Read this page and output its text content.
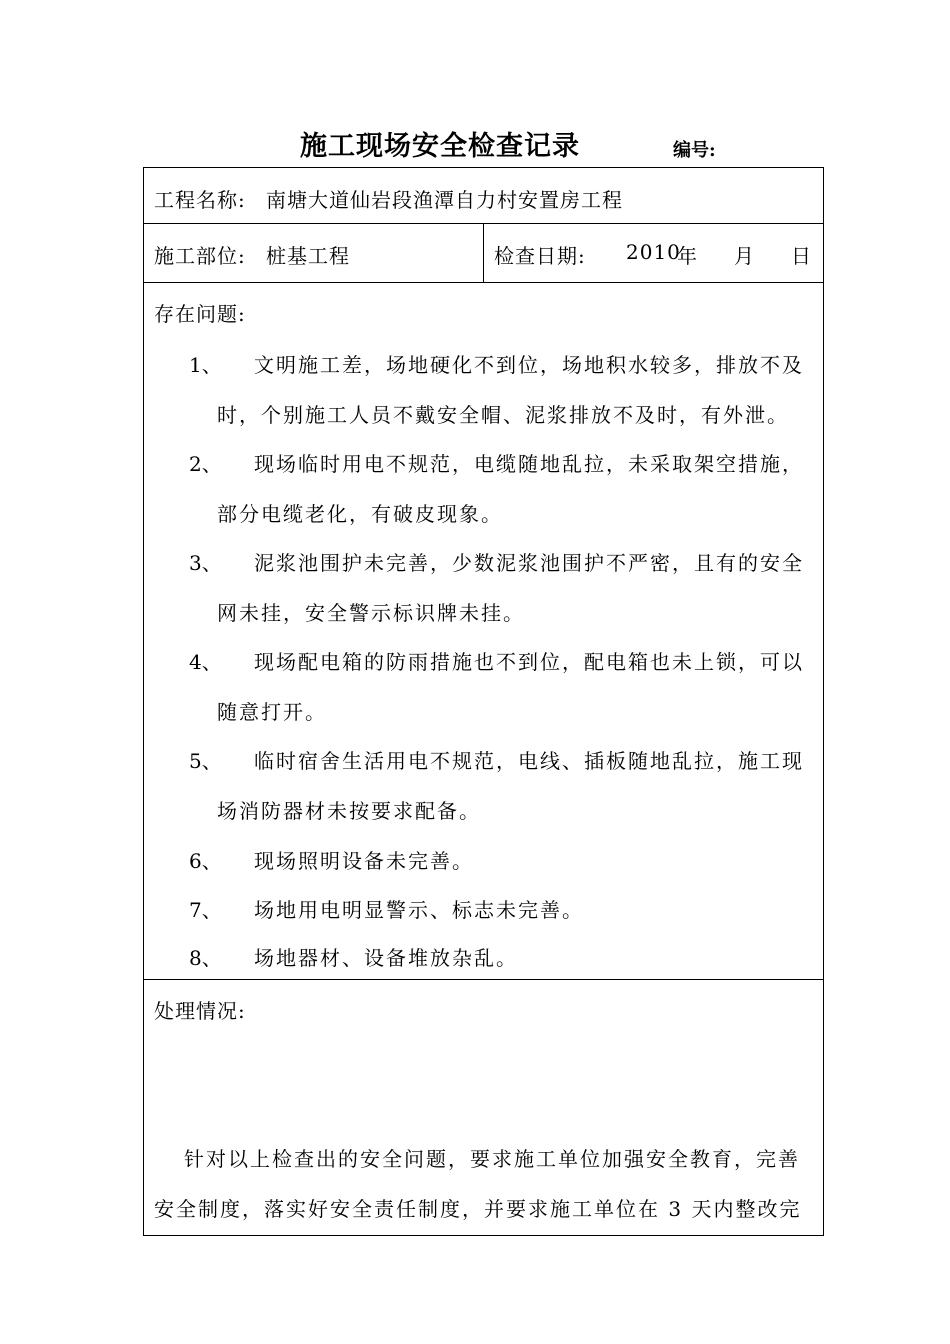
施工现场安全检查记录	编号:
工程名称: 南塘大道仙岩段渔潭自力村安置房工程
施工部位: 桩基工程	检查日期: 2010
年 月 日
存在问题:
1、 文明施工差，场地硬化不到位，场地积水较多，排放不及
时，个别施工人员不戴安全帽、泥浆排放不及时，有外泄。
2、 现场临时用电不规范，电缆随地乱拉，未采取架空措施，
部分电缆老化，有破皮现象。
3、 泥浆池围护未完善，少数泥浆池围护不严密，且有的安全
网未挂，安全警示标识牌未挂。
4、 现场配电箱的防雨措施也不到位，配电箱也未上锁，可以
随意打开。
5、 临时宿舍生活用电不规范，电线、插板随地乱拉，施工现
场消防器材未按要求配备。
6、 现场照明设备未完善。
7、 场地用电明显警示、标志未完善。
8、 场地器材、设备堆放杂乱。
处理情况:
针对以上检查出的安全问题，要求施工单位加强安全教育，完善
安全制度，落实好安全责任制度，并要求施工单位在 3 天内整改完
